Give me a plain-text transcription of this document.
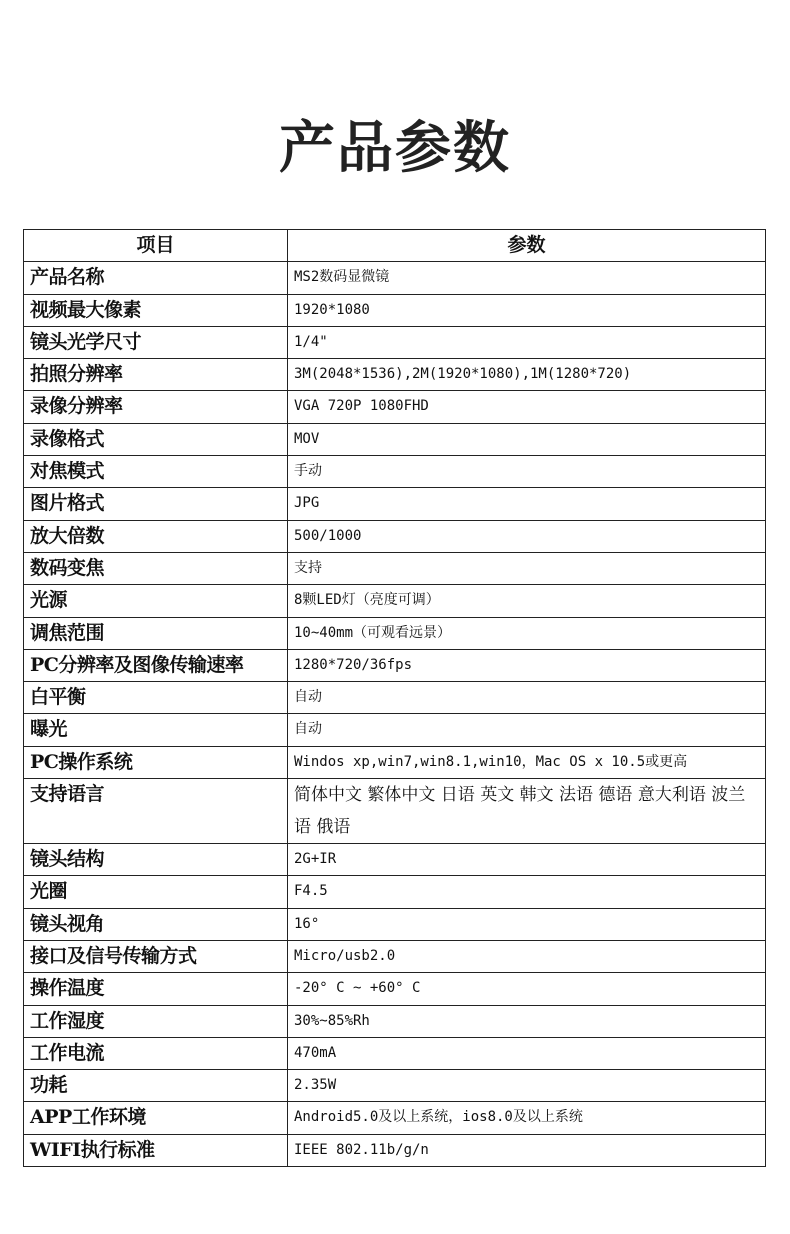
产品参数
项目	参数
产品名称	MS2数码显微镜
视频最大像素	1920*1080
镜头光学尺寸	1/4"
拍照分辨率	3M(2048*1536),2M(1920*1080),1M(1280*720)
录像分辨率	VGA 720P 1080FHD
录像格式	MOV
对焦模式	手动
图片格式	JPG
放大倍数	500/1000
数码变焦	支持
光源	8颗LED灯（亮度可调）
调焦范围	10~40mm（可观看远景）
PC分辨率及图像传输速率	1280*720/36fps
白平衡	自动
曝光	自动
PC操作系统	Windos xp,win7,win8.1,win10，Mac OS x 10.5或更高
支持语言	简体中文 繁体中文 日语 英文 韩文 法语 德语 意大利语 波兰语 俄语
镜头结构	2G+IR
光圈	F4.5
镜头视角	16°
接口及信号传输方式	Micro/usb2.0
操作温度	-20° C ~ +60° C
工作湿度	30%~85%Rh
工作电流	470mA
功耗	2.35W
APP工作环境	Android5.0及以上系统，ios8.0及以上系统
WIFI执行标准	IEEE 802.11b/g/n
